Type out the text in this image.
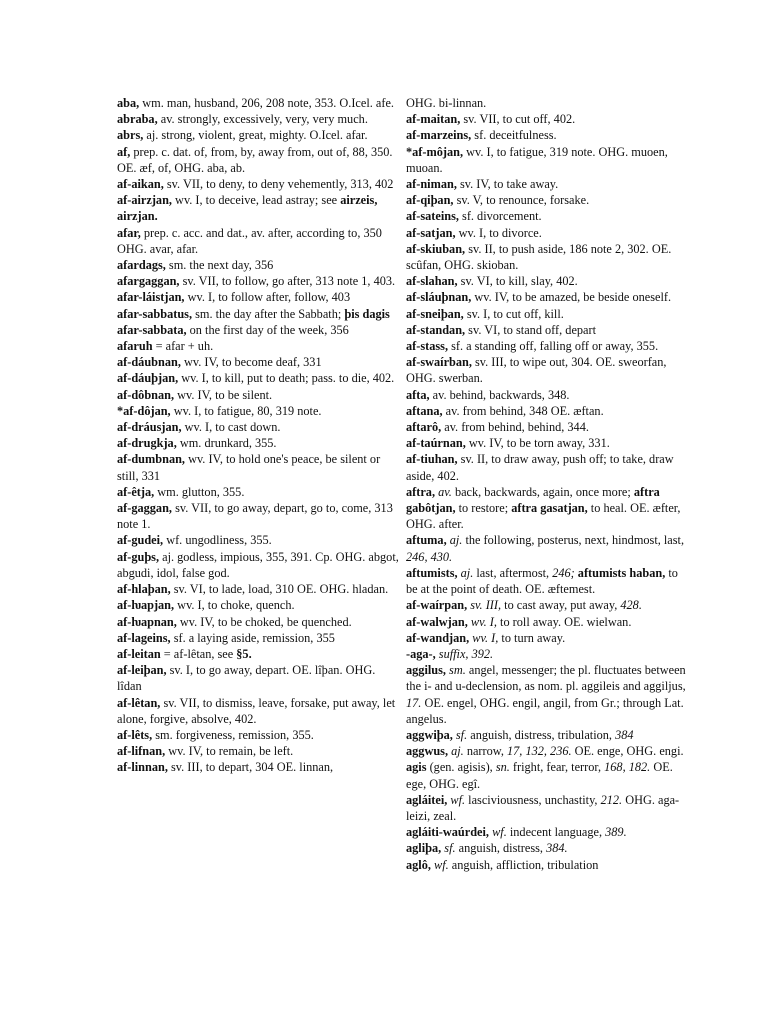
aba, wm. man, husband, 206, 208 note, 353. O.Icel. afe.

abraba, av. strongly, excessively, very, very much.

abrs, aj. strong, violent, great, mighty. O.Icel. afar.

af, prep. c. dat. of, from, by, away from, out of, 88, 350. OE. æf, of, OHG. aba, ab.

af-aikan, sv. VII, to deny, to deny vehemently, 313, 402

af-airzjan, wv. I, to deceive, lead astray; see airzeis, airzjan.

afar, prep. c. acc. and dat., av. after, according to, 350 OHG. avar, afar.

afardags, sm. the next day, 356

afargaggan, sv. VII, to follow, go after, 313 note 1, 403.

afar-láistjan, wv. I, to follow after, follow, 403

afar-sabbatus, sm. the day after the Sabbath; þis dagis afar-sabbata, on the first day of the week, 356

afaruh = afar + uh.

af-dáubnan, wv. IV, to become deaf, 331

af-dáuþjan, wv. I, to kill, put to death; pass. to die, 402.

af-dôbnan, wv. IV, to be silent.

*af-dôjan, wv. I, to fatigue, 80, 319 note.

af-dráusjan, wv. I, to cast down.

af-drugkja, wm. drunkard, 355.

af-dumbnan, wv. IV, to hold one's peace, be silent or still, 331

af-êtja, wm. glutton, 355.

af-gaggan, sv. VII, to go away, depart, go to, come, 313 note 1.

af-gudei, wf. ungodliness, 355.

af-guþs, aj. godless, impious, 355, 391. Cp. OHG. abgot, abgudi, idol, false god.

af-hlaþan, sv. VI, to lade, load, 310 OE. OHG. hladan.

af-ƕapjan, wv. I, to choke, quench.

af-ƕapnan, wv. IV, to be choked, be quenched.

af-lageins, sf. a laying aside, remission, 355

af-leitan = af-lêtan, see §5.

af-leiþan, sv. I, to go away, depart. OE. lîþan. OHG. lîdan

af-lêtan, sv. VII, to dismiss, leave, forsake, put away, let alone, forgive, absolve, 402.

af-lêts, sm. forgiveness, remission, 355.

af-lifnan, wv. IV, to remain, be left.

af-linnan, sv. III, to depart, 304 OE. linnan,

OHG. bi-linnan.

af-maitan, sv. VII, to cut off, 402.

af-marzeins, sf. deceitfulness.

*af-môjan, wv. I, to fatigue, 319 note. OHG. muoen, muoan.

af-niman, sv. IV, to take away.

af-qiþan, sv. V, to renounce, forsake.

af-sateins, sf. divorcement.

af-satjan, wv. I, to divorce.

af-skiuban, sv. II, to push aside, 186 note 2, 302. OE. scûfan, OHG. skioban.

af-slahan, sv. VI, to kill, slay, 402.

af-sláuþnan, wv. IV, to be amazed, be beside oneself.

af-sneiþan, sv. I, to cut off, kill.

af-standan, sv. VI, to stand off, depart

af-stass, sf. a standing off, falling off or away, 355.

af-swaírban, sv. III, to wipe out, 304. OE. sweorfan, OHG. swerban.

afta, av. behind, backwards, 348.

aftana, av. from behind, 348 OE. æftan.

aftarô, av. from behind, behind, 344.

af-taúrnan, wv. IV, to be torn away, 331.

af-tiuhan, sv. II, to draw away, push off; to take, draw aside, 402.

aftra, av. back, backwards, again, once more; aftra gabôtjan, to restore; aftra gasatjan, to heal. OE. æfter, OHG. after.

aftuma, aj. the following, posterus, next, hindmost, last, 246, 430.

aftumists, aj. last, aftermost, 246; aftumists haban, to be at the point of death. OE. æftemest.

af-waírpan, sv. III, to cast away, put away, 428.

af-walwjan, wv. I, to roll away. OE. wielwan.

af-wandjan, wv. I, to turn away.

-aga-, suffix, 392.

aggilus, sm. angel, messenger; the pl. fluctuates between the i- and u-declension, as nom. pl. aggileis and aggiljus, 17. OE. engel, OHG. engil, angil, from Gr.; through Lat. angelus.

aggwiþa, sf. anguish, distress, tribulation, 384

aggwus, aj. narrow, 17, 132, 236. OE. enge, OHG. engi.

agis (gen. agisis), sn. fright, fear, terror, 168, 182. OE. ege, OHG. egî.

agláitei, wf. lasciviousness, unchastity, 212. OHG. aga-leizi, zeal.

agláiti-waúrdei, wf. indecent language, 389.

agliþa, sf. anguish, distress, 384.

aglô, wf. anguish, affliction, tribulation
